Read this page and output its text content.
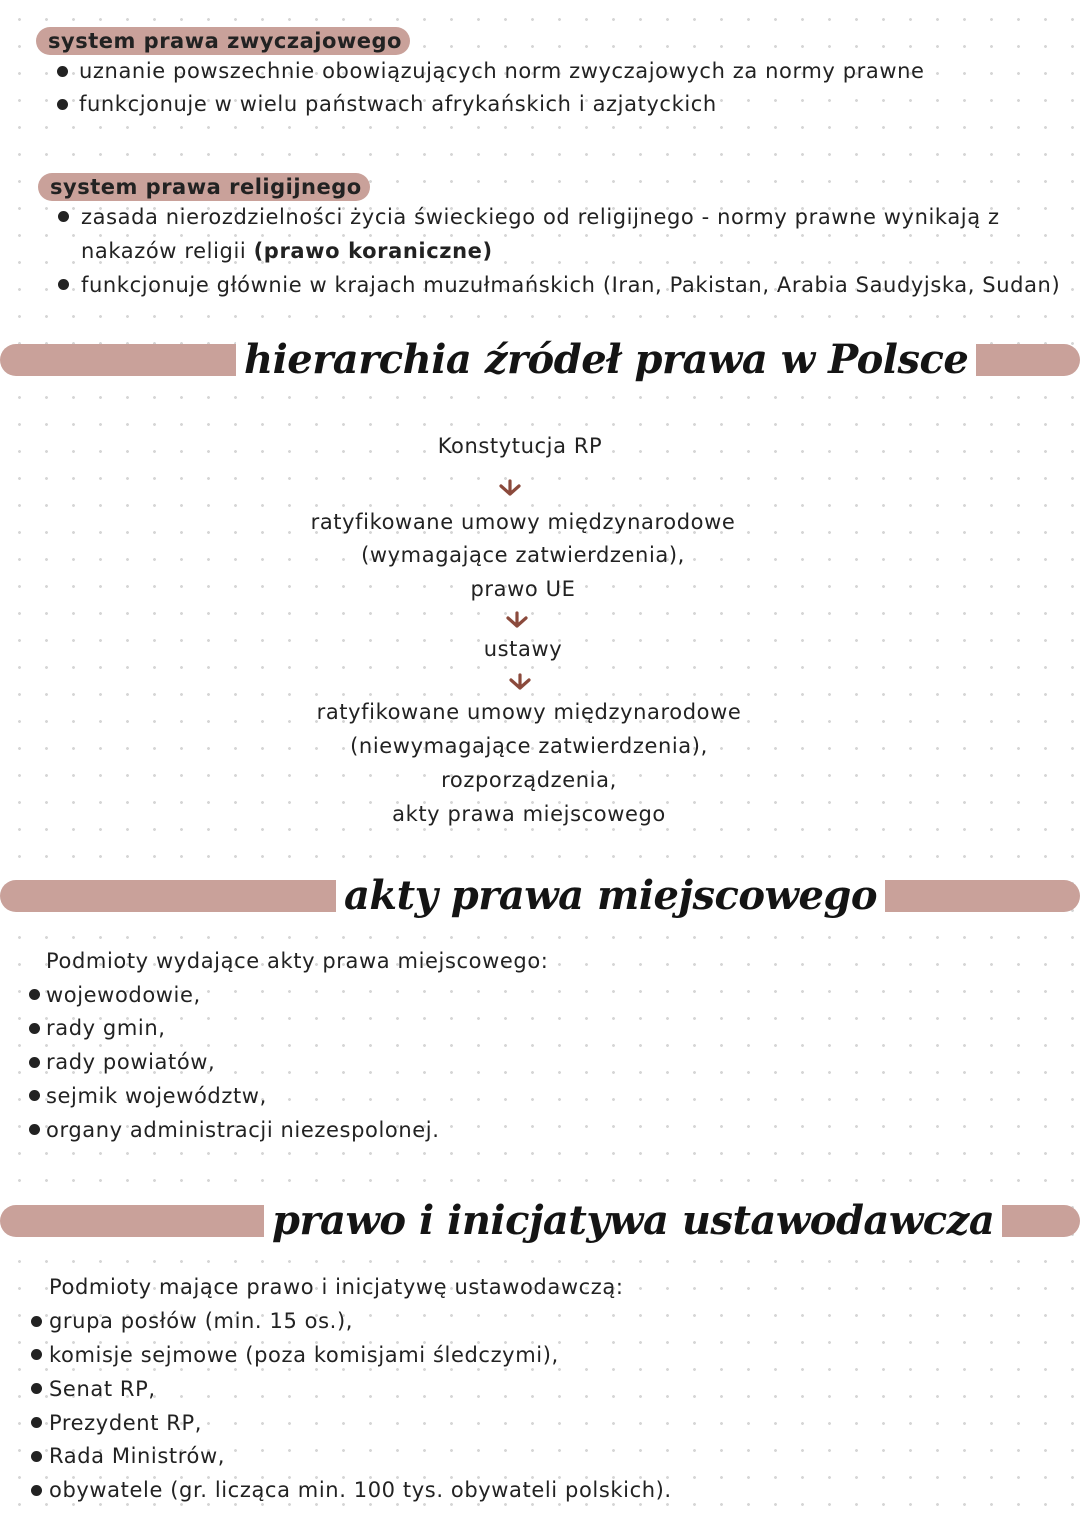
system prawa zwyczajowego
uznanie powszechnie obowiązujących norm zwyczajowych za normy prawne
funkcjonuje w wielu państwach afrykańskich i azjatyckich
system prawa religijnego
zasada nierozdzielności życia świeckiego od religijnego - normy prawne wynikają z
nakazów religii (prawo koraniczne)
funkcjonuje głównie w krajach muzułmańskich (Iran, Pakistan, Arabia Saudyjska, Sudan)
hierarchia źródeł prawa w Polsce
Konstytucja RP
ratyfikowane umowy międzynarodowe
(wymagające zatwierdzenia),
prawo UE
ustawy
ratyfikowane umowy międzynarodowe
(niewymagające zatwierdzenia),
rozporządzenia,
akty prawa miejscowego
akty prawa miejscowego
Podmioty wydające akty prawa miejscowego:
wojewodowie,
rady gmin,
rady powiatów,
sejmik województw,
organy administracji niezespolonej.
prawo i inicjatywa ustawodawcza
Podmioty mające prawo i inicjatywę ustawodawczą:
grupa posłów (min. 15 os.),
komisje sejmowe (poza komisjami śledczymi),
Senat RP,
Prezydent RP,
Rada Ministrów,
obywatele (gr. licząca min. 100 tys. obywateli polskich).
